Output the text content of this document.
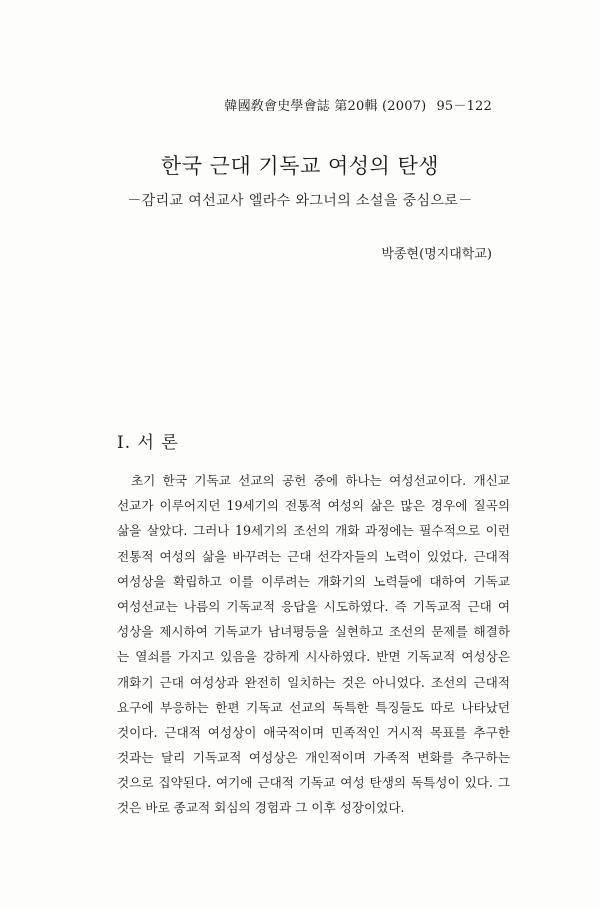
韓國敎會史學會誌 第20輯 (2007) 95－122
한국 근대 기독교 여성의 탄생
－감리교 여선교사 엘라수 와그너의 소설을 중심으로－
박종현(명지대학교)
I. 서 론
초기 한국 기독교 선교의 공헌 중에 하나는 여성선교이다. 개신교
선교가 이루어지던 19세기의 전통적 여성의 삶은 많은 경우에 질곡의
삶을 살았다. 그러나 19세기의 조선의 개화 과정에는 필수적으로 이런
전통적 여성의 삶을 바꾸려는 근대 선각자들의 노력이 있었다. 근대적
여성상을 확립하고 이를 이루려는 개화기의 노력들에 대하여 기독교
여성선교는 나름의 기독교적 응답을 시도하였다. 즉 기독교적 근대 여
성상을 제시하여 기독교가 남녀평등을 실현하고 조선의 문제를 해결하
는 열쇠를 가지고 있음을 강하게 시사하였다. 반면 기독교적 여성상은
개화기 근대 여성상과 완전히 일치하는 것은 아니었다. 조선의 근대적
요구에 부응하는 한편 기독교 선교의 독특한 특징들도 따로 나타났던
것이다. 근대적 여성상이 애국적이며 민족적인 거시적 목표를 추구한
것과는 달리 기독교적 여성상은 개인적이며 가족적 변화를 추구하는
것으로 집약된다. 여기에 근대적 기독교 여성 탄생의 독특성이 있다. 그
것은 바로 종교적 회심의 경험과 그 이후 성장이었다.
